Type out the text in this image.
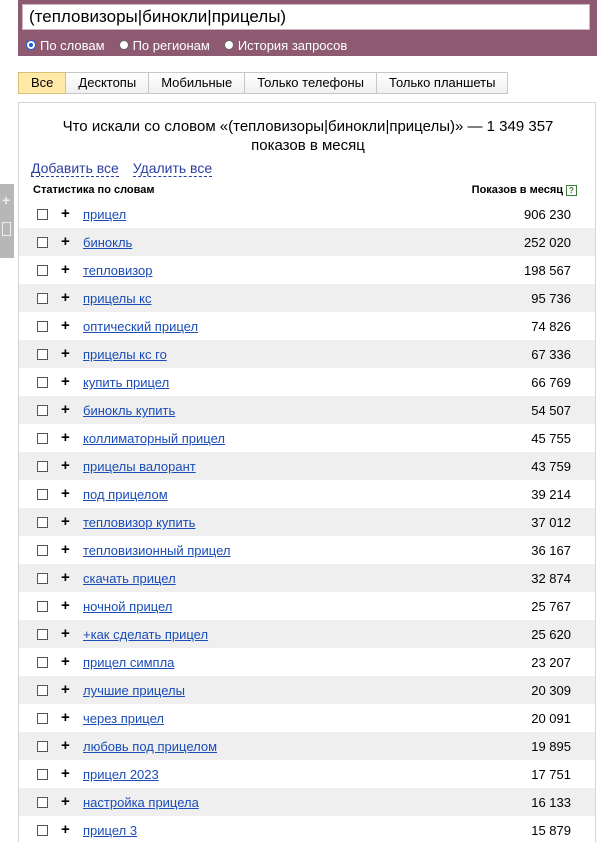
(тепловизоры|бинокли|прицелы)
По словам По регионам История запросов
+
Все	Десктопы	Мобильные	Только телефоны	Только планшеты
Что искали со словом «(тепловизоры|бинокли|прицелы)» — 1 349 357
показов в месяц
Добавить все Удалить все
Статистика по словам	Показов в месяц ?
+ прицел	906 230
+ бинокль	252 020
+ тепловизор	198 567
+ прицелы кс	95 736
+ оптический прицел	74 826
+ прицелы кс го	67 336
+ купить прицел	66 769
+ бинокль купить	54 507
+ коллиматорный прицел	45 755
+ прицелы валорант	43 759
+ под прицелом	39 214
+ тепловизор купить	37 012
+ тепловизионный прицел	36 167
+ скачать прицел	32 874
+ ночной прицел	25 767
+ +как сделать прицел	25 620
+ прицел симпла	23 207
+ лучшие прицелы	20 309
+ через прицел	20 091
+ любовь под прицелом	19 895
+ прицел 2023	17 751
+ настройка прицела	16 133
+ прицел 3	15 879
